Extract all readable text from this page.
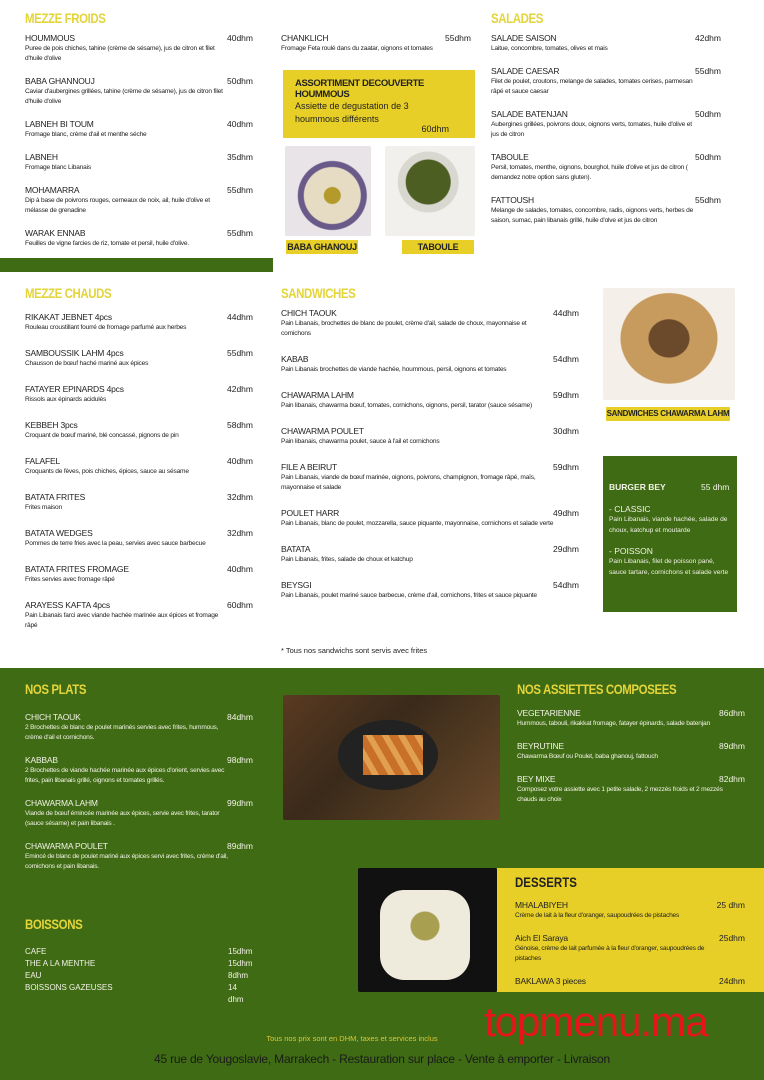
MEZZE FROIDS
HOUMMOUS	40dhm
Puree de pois chiches, tahine (crème de sésame), jus de citron et filet d'huile d'olive
BABA GHANNOUJ	50dhm
Caviar d'aubergines grillées, tahine (crème de sésame), jus de citron filet d'huile d'olive
LABNEH BI TOUM	40dhm
Fromage blanc, crème d'ail et menthe séche
LABNEH	35dhm
Fromage blanc Libanais
MOHAMARRA	55dhm
Dip à base de poivrons rouges, cerneaux de noix, ail, huile d'olive et mélasse de grenadine
WARAK ENNAB	55dhm
Feuilles de vigne farcies de riz, tomate et persil, huile d'olive.
CHANKLICH	55dhm
Fromage Feta roulé dans du zaatar, oignons et tomates
ASSORTIMENT DECOUVERTE HOUMMOUS
Assiette de degustation de 3 hoummous différents
60dhm
BABA GHANOUJ	TABOULE
SALADES
SALADE SAISON	42dhm
Laitue, concombre, tomates, olives et mais
SALADE CAESAR	55dhm
Filet de poulet, croutons, melange de salades, tomates cerises, parmesan râpé et sauce caesar
SALADE BATENJAN	50dhm
Aubergines grillées, poivrons doux, oignons verts, tomates, huile d'olive et jus de citron
TABOULE	50dhm
Persil, tomates, menthe, oignons, bourghol, huile d'olive et jus de citron ( demandez notre option sans gluten).
FATTOUSH	55dhm
Melange de salades, tomates, concombre, radis, oignons verts, herbes de saison, sumac, pain libanais grillé, huile d'olve et jus de citron
MEZZE CHAUDS
RIKAKAT JEBNET 4pcs	44dhm
Rouleau croustillant fourré de fromage parfumé aux herbes
SAMBOUSSIK LAHM 4pcs	55dhm
Chausson de bœuf haché mariné aux épices
FATAYER EPINARDS 4pcs	42dhm
Rissols aux épinards acidulés
KEBBEH 3pcs	58dhm
Croquant de bœuf mariné, blé concassé, pignons de pin
FALAFEL	40dhm
Croquants de fèves, pois chiches, épices, sauce au sésame
BATATA FRITES	32dhm
Frites maison
BATATA WEDGES	32dhm
Pommes de terre fries avec la peau, servies avec sauce barbecue
BATATA FRITES FROMAGE	40dhm
Frites servies avec fromage râpé
ARAYESS KAFTA 4pcs	60dhm
Pain Libanais farci avec viande hachée marinée aux épices et fromage râpé
SANDWICHES
CHICH TAOUK	44dhm
Pain Libanais, brochettes de blanc de poulet, crème d'ail, salade de choux, mayonnaise et cornichons
KABAB	54dhm
Pain Libanais brochettes de viande hachée, hoummous, persil, oignons et tomates
CHAWARMA LAHM	59dhm
Pain libanais, chawarma bœuf, tomates, cornichons, oignons, persil, tarator (sauce sésame)
CHAWARMA POULET	30dhm
Pain libanais, chawarma poulet, sauce à l'ail et cornichons
FILE A BEIRUT	59dhm
Pain Libanais, viande de bœuf marinée, oignons, poivrons, champignon, fromage râpé, maïs, mayonnaise et salade
POULET HARR	49dhm
Pain Libanais, blanc de poulet, mozzarella, sauce piquante, mayonnaise, cornichons et salade verte
BATATA	29dhm
Pain Libanais, frites, salade de choux et katchup
BEYSGI	54dhm
Pain Libanais, poulet mariné sauce barbecue, crème d'ail, cornichons, frites et sauce piquante
* Tous nos sandwichs sont servis avec frites
SANDWICHES CHAWARMA LAHM
BURGER BEY	55 dhm
- CLASSIC
Pain Libanais, viande hachée, salade de choux, katchup et moutarde
- POISSON
Pain Libanais, filet de poisson pané, sauce tartare, cornichons et salade verte
NOS PLATS
CHICH TAOUK	84dhm
2 Brochettes de blanc de poulet marinés servies avec frites, hummous, crème d'ail et cornichons.
KABBAB	98dhm
2 Brochettes de viande hachée marinée aux épices d'orient, servies avec frites, pain libanais grillé, oignons et tomates grillés.
CHAWARMA LAHM	99dhm
Viande de bœuf émincée marinée aux épices, servie avec frites, tarator (sauce sésame) et pain libanais .
CHAWARMA POULET	89dhm
Emincé de blanc de poulet mariné aux épices servi avec frites, crème d'ail, cornichons et pain libanais.
NOS ASSIETTES COMPOSEES
VEGETARIENNE	86dhm
Hummous, tabouli, rikakkat fromage, fatayer épinards, salade batenjan
BEYRUTINE	89dhm
Chawarma Bœuf ou Poulet, baba ghanouj, fattouch
BEY MIXE	82dhm
Composez votre assiette avec 1 petite salade, 2 mezzés froids et 2 mezzés chauds au choix
DESSERTS
MHALABIYEH	25 dhm
Crème de lait à la fleur d'oranger, saupoudrées de pistaches
Aich El Saraya	25dhm
Génoise, crème de lait parfumée à la fleur d'oranger, saupoudrées de pistaches
BAKLAWA 3 pieces	24dhm
BOISSONS
CAFE	15dhm
THE A LA MENTHE	15dhm
EAU	8dhm
BOISSONS GAZEUSES	14 dhm	topmenu.ma
Tous nos prix sont en DHM, taxes et services inclus
45 rue de Yougoslavie, Marrakech - Restauration sur place - Vente à emporter - Livraison
